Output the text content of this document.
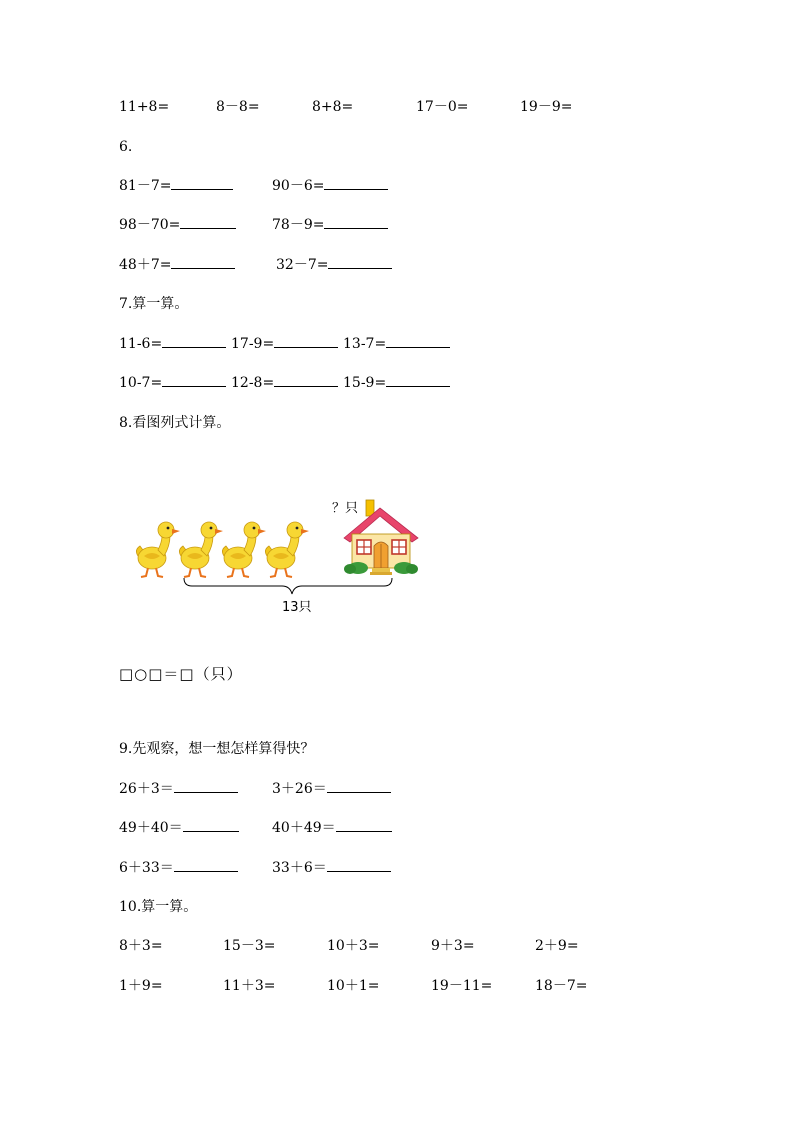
11+8=	8－8=	8+8=	17－0=	19－9=
6.
81－7=	90－6=
98－70=	78－9=
48＋7=	32－7=
7.算一算。
11-6=	17-9=	13-7=
10-7=	12-8=	15-9=
8.看图列式计算。
？只
13只
□○□＝□（只）
9.先观察，想一想怎样算得快？
26＋3＝	3＋26＝
49＋40＝	40＋49＝
6＋33＝	33＋6＝
10.算一算。
8＋3=	15－3=	10＋3=	9＋3=	2＋9=
1＋9=	11＋3=	10＋1=	19－11=	18－7=
